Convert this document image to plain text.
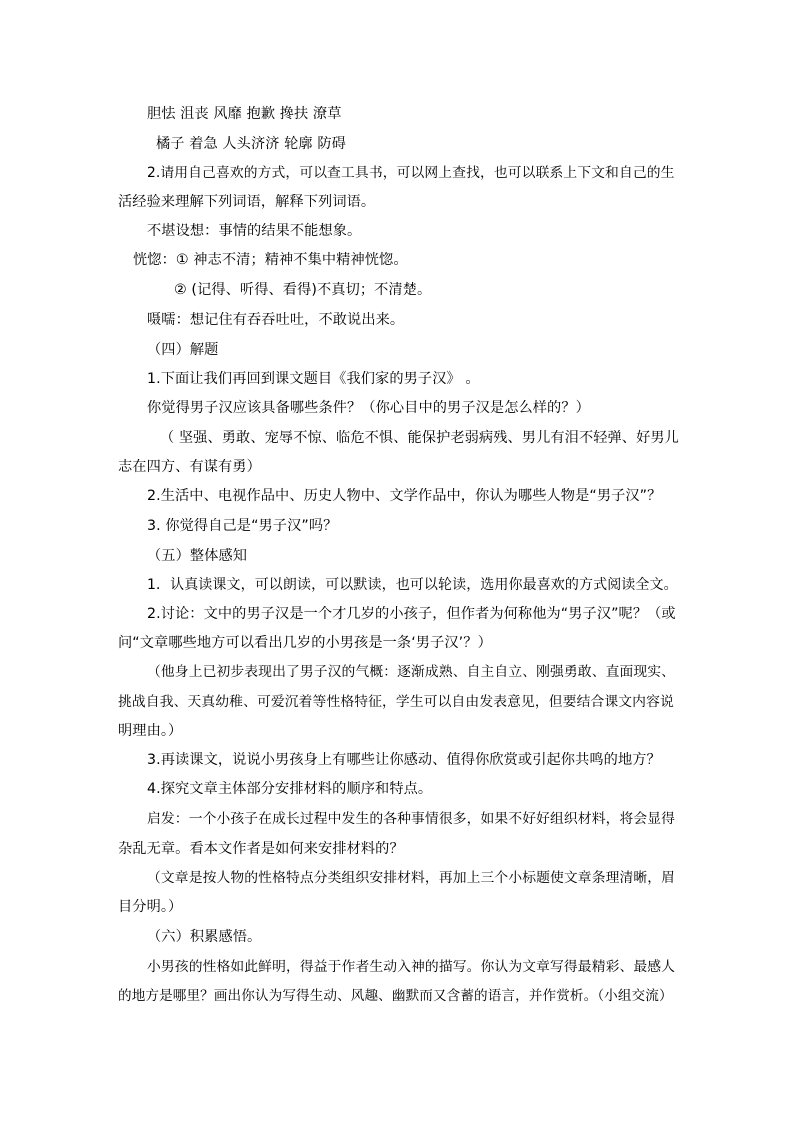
胆怯 沮丧 风靡 抱歉 搀扶 潦草
橘子 着急 人头济济 轮廓 防碍
2.请用自己喜欢的方式，可以查工具书，可以网上查找，也可以联系上下文和自己的生
活经验来理解下列词语，解释下列词语。
不堪设想：事情的结果不能想象。
恍惚：① 神志不清；精神不集中精神恍惚。
② (记得、听得、看得)不真切；不清楚。
嗫嚅：想记住有吞吞吐吐，不敢说出来。
（四）解题
1.下面让我们再回到课文题目《我们家的男子汉》 。
你觉得男子汉应该具备哪些条件？（你心目中的男子汉是怎么样的？）
（ 坚强、勇敢、宠辱不惊、临危不惧、能保护老弱病残、男儿有泪不轻弹、好男儿
志在四方、有谋有勇）
2.生活中、电视作品中、历史人物中、文学作品中，你认为哪些人物是“男子汉”？
3. 你觉得自己是“男子汉”吗？
（五）整体感知
1．认真读课文，可以朗读，可以默读，也可以轮读，选用你最喜欢的方式阅读全文。
2.讨论：文中的男子汉是一个才几岁的小孩子，但作者为何称他为“男子汉”呢？（或
问“文章哪些地方可以看出几岁的小男孩是一条‘男子汉’？）
（他身上已初步表现出了男子汉的气概：逐渐成熟、自主自立、刚强勇敢、直面现实、
挑战自我、天真幼稚、可爱沉着等性格特征，学生可以自由发表意见，但要结合课文内容说
明理由。）
3.再读课文，说说小男孩身上有哪些让你感动、值得你欣赏或引起你共鸣的地方？
4.探究文章主体部分安排材料的顺序和特点。
启发：一个小孩子在成长过程中发生的各种事情很多，如果不好好组织材料，将会显得
杂乱无章。看本文作者是如何来安排材料的？
（文章是按人物的性格特点分类组织安排材料，再加上三个小标题使文章条理清晰，眉
目分明。）
（六）积累感悟。
小男孩的性格如此鲜明，得益于作者生动入神的描写。你认为文章写得最精彩、最感人
的地方是哪里？画出你认为写得生动、风趣、幽默而又含蓄的语言，并作赏析。（小组交流）
